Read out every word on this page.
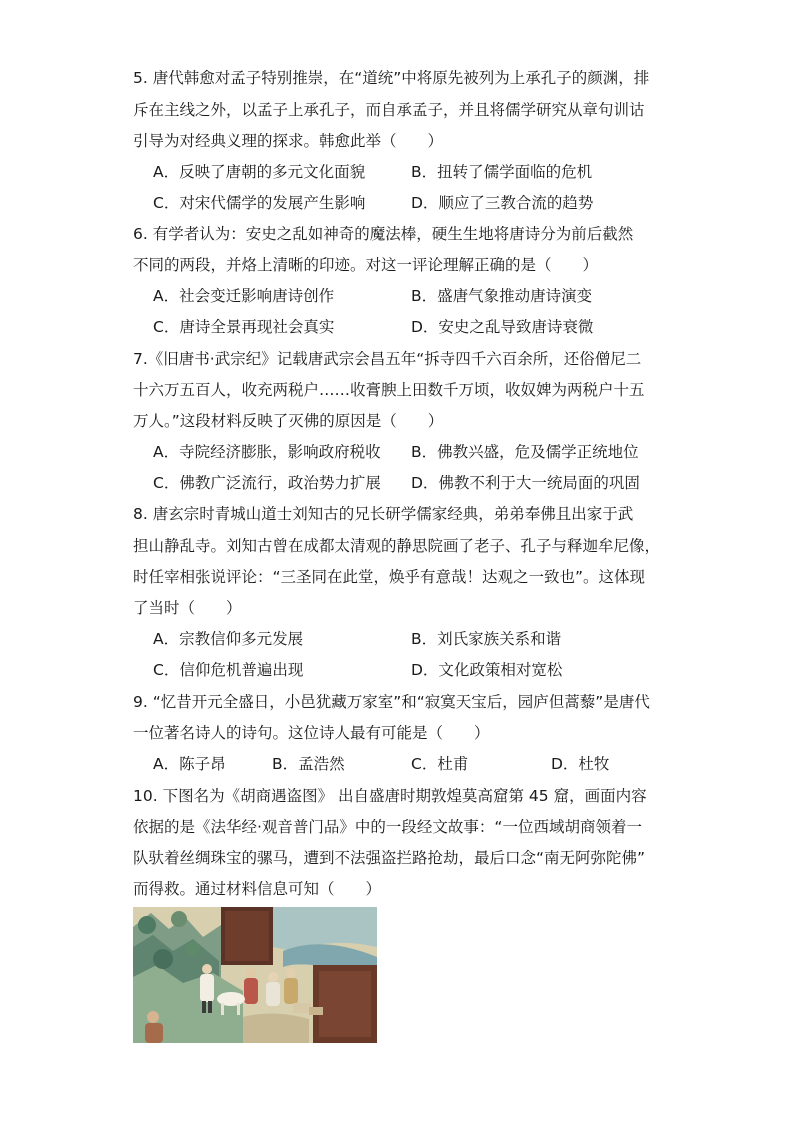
5. 唐代韩愈对孟子特别推崇，在“道统”中将原先被列为上承孔子的颜渊，排
斥在主线之外，以孟子上承孔子，而自承孟子，并且将儒学研究从章句训诂
引导为对经典义理的探求。韩愈此举（　　）
A．反映了唐朝的多元文化面貌	B．扭转了儒学面临的危机
C．对宋代儒学的发展产生影响	D．顺应了三教合流的趋势
6. 有学者认为：安史之乱如神奇的魔法棒，硬生生地将唐诗分为前后截然
不同的两段，并烙上清晰的印迹。对这一评论理解正确的是（　　）
A．社会变迁影响唐诗创作	B．盛唐气象推动唐诗演变
C．唐诗全景再现社会真实	D．安史之乱导致唐诗衰微
7.《旧唐书·武宗纪》记载唐武宗会昌五年“拆寺四千六百余所，还俗僧尼二
十六万五百人，收充两税户……收膏腴上田数千万顷，收奴婢为两税户十五
万人。”这段材料反映了灭佛的原因是（　　）
A．寺院经济膨胀，影响政府税收 B．佛教兴盛，危及儒学正统地位
C．佛教广泛流行，政治势力扩展 D．佛教不利于大一统局面的巩固
8. 唐玄宗时青城山道士刘知古的兄长研学儒家经典，弟弟奉佛且出家于武
担山静乱寺。刘知古曾在成都太清观的静思院画了老子、孔子与释迦牟尼像，
时任宰相张说评论：“三圣同在此堂，焕乎有意哉！达观之一致也”。这体现
了当时（　　）
A．宗教信仰多元发展	B．刘氏家族关系和谐
C．信仰危机普遍出现	D．文化政策相对宽松
9. “忆昔开元全盛日，小邑犹藏万家室”和“寂寞天宝后，园庐但蒿藜”是唐代
一位著名诗人的诗句。这位诗人最有可能是（　　）
A．陈子昂	B．孟浩然	C．杜甫	D．杜牧
10. 下图名为《胡商遇盗图》 出自盛唐时期敦煌莫高窟第 45 窟，画面内容
依据的是《法华经·观音普门品》中的一段经文故事：“一位西域胡商领着一
队驮着丝绸珠宝的骡马，遭到不法强盗拦路抢劫，最后口念“南无阿弥陀佛”
而得救。通过材料信息可知（　　）
